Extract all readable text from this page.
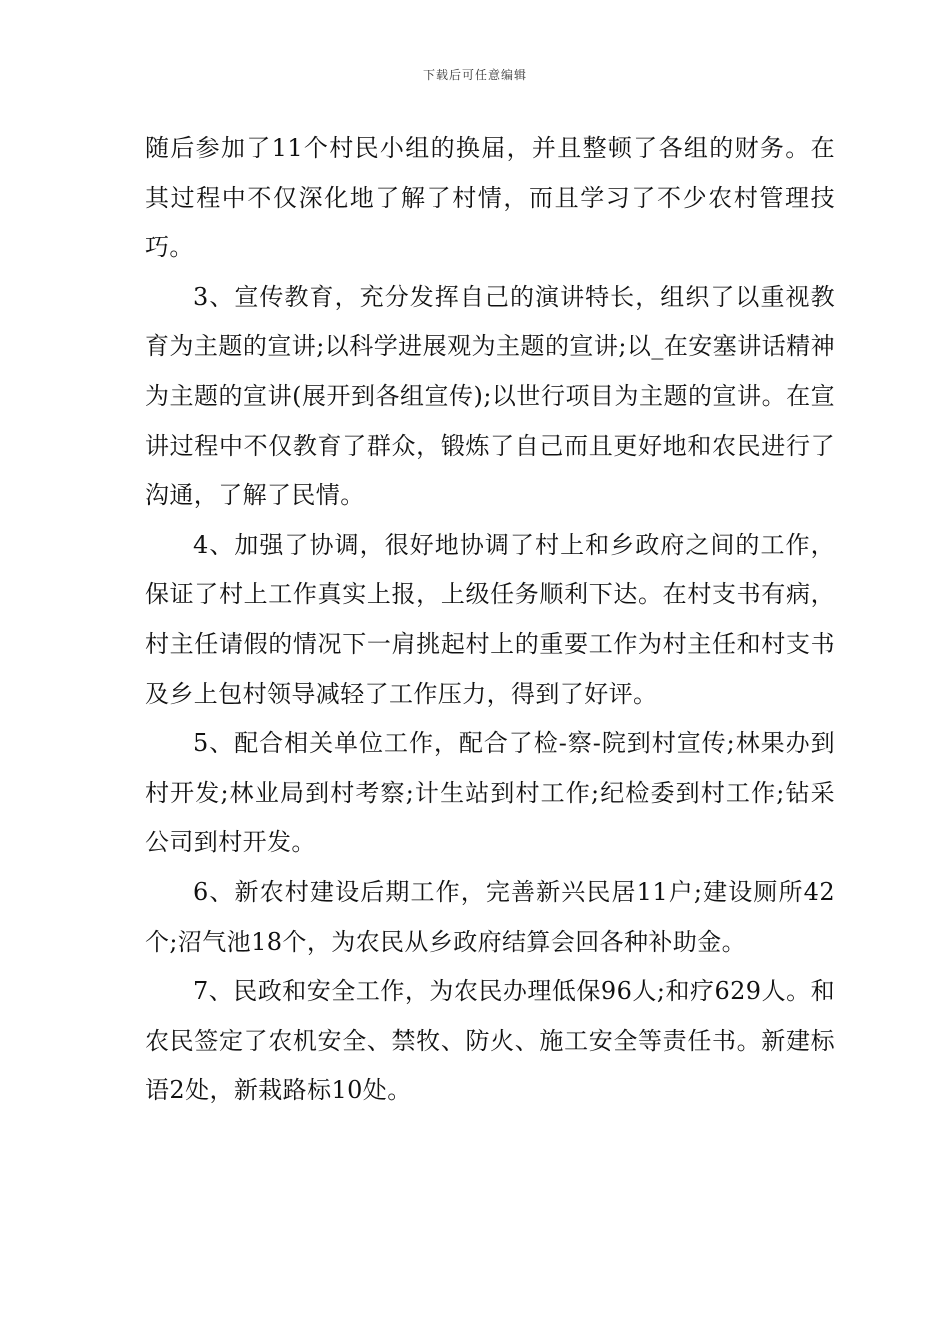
下载后可任意编辑

随后参加了11个村民小组的换届，并且整顿了各组的财务。在其过程中不仅深化地了解了村情，而且学习了不少农村管理技巧。

3、宣传教育，充分发挥自己的演讲特长，组织了以重视教育为主题的宣讲;以科学进展观为主题的宣讲;以_在安塞讲话精神为主题的宣讲(展开到各组宣传);以世行项目为主题的宣讲。在宣讲过程中不仅教育了群众，锻炼了自己而且更好地和农民进行了沟通，了解了民情。

4、加强了协调，很好地协调了村上和乡政府之间的工作，保证了村上工作真实上报，上级任务顺利下达。在村支书有病，村主任请假的情况下一肩挑起村上的重要工作为村主任和村支书及乡上包村领导减轻了工作压力，得到了好评。

5、配合相关单位工作，配合了检-察-院到村宣传;林果办到村开发;林业局到村考察;计生站到村工作;纪检委到村工作;钻采公司到村开发。

6、新农村建设后期工作，完善新兴民居11户;建设厕所42个;沼气池18个，为农民从乡政府结算会回各种补助金。

7、民政和安全工作，为农民办理低保96人;和疗629人。和农民签定了农机安全、禁牧、防火、施工安全等责任书。新建标语2处，新栽路标10处。
